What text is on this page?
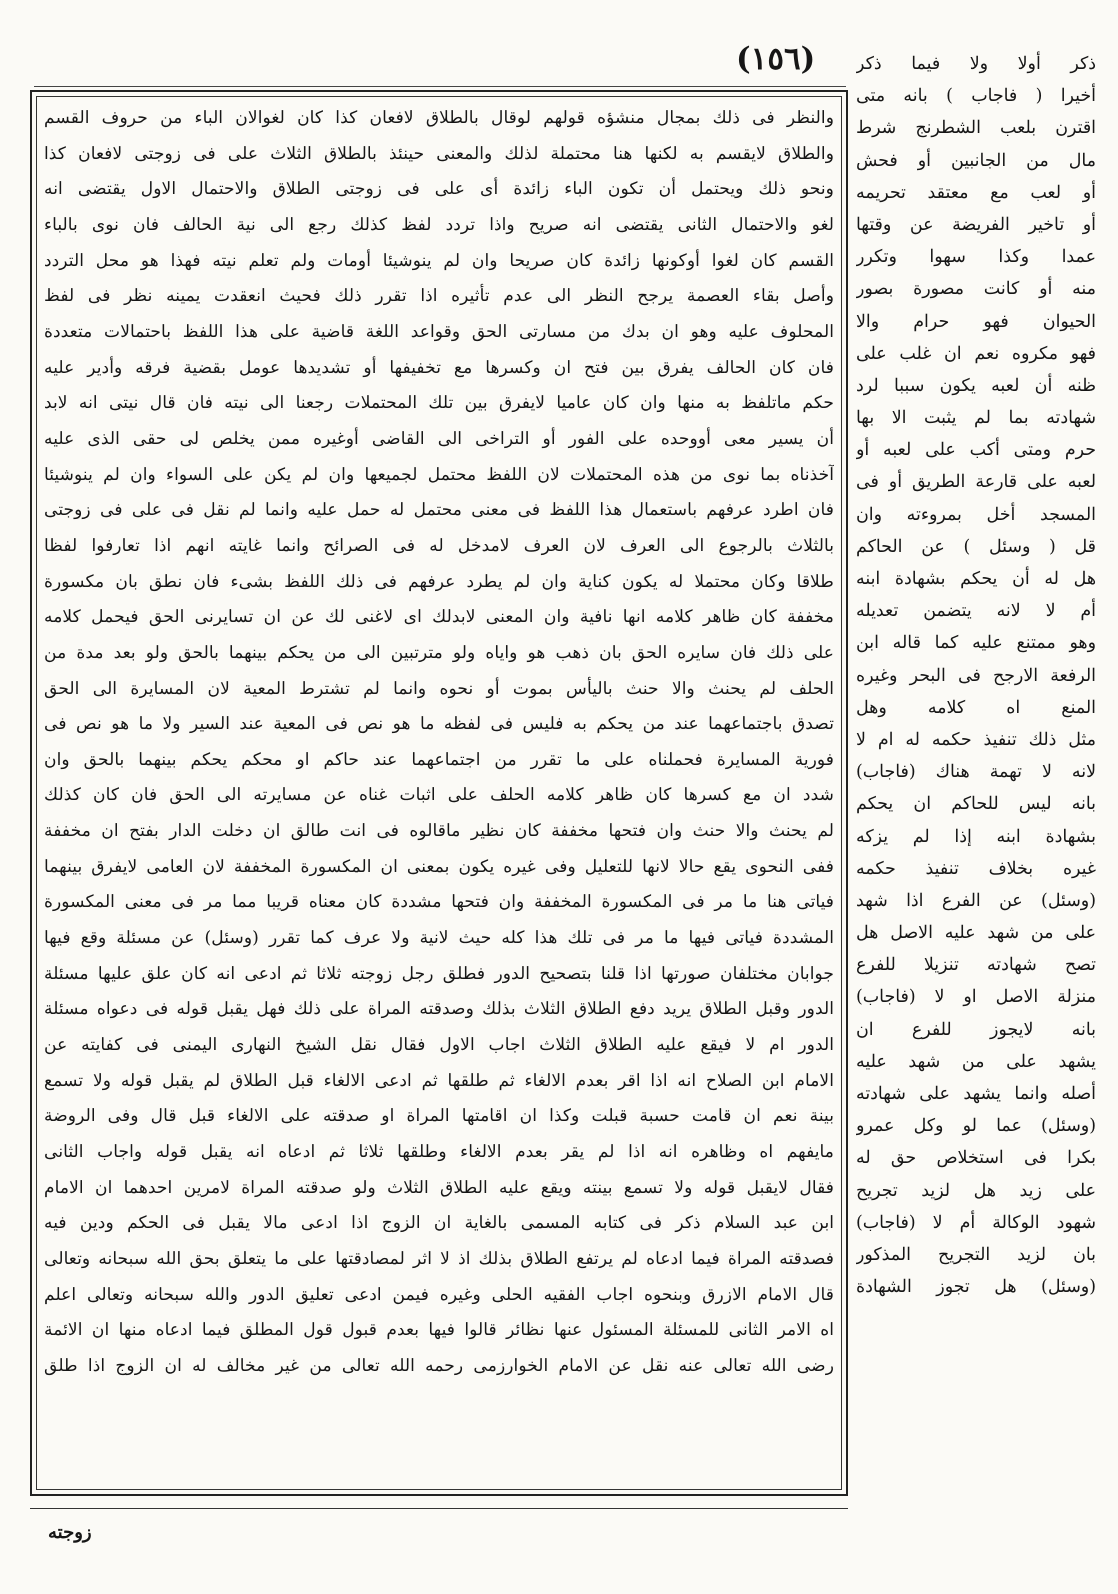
(١٥٦)

والنظر فى ذلك بمجال منشؤه قولهم لوقال بالطلاق لافعان كذا كان لغوالان الباء من حروف القسم

والطلاق لايقسم به لكنها هنا محتملة لذلك والمعنى حينئذ بالطلاق الثلاث على فى زوجتى لافعان كذا

ونحو ذلك ويحتمل أن تكون الباء زائدة أى على فى زوجتى الطلاق والاحتمال الاول يقتضى انه

لغو والاحتمال الثانى يقتضى انه صريح واذا تردد لفظ كذلك رجع الى نية الحالف فان نوى بالباء

القسم كان لغوا أوكونها زائدة كان صريحا وان لم ينوشيئا أومات ولم تعلم نيته فهذا هو محل التردد

وأصل بقاء العصمة يرجح النظر الى عدم تأثيره اذا تقرر ذلك فحيث انعقدت يمينه نظر فى لفظ

المحلوف عليه وهو ان بدك من مسارتى الحق وقواعد اللغة قاضية على هذا اللفظ باحتمالات متعددة

فان كان الحالف يفرق بين فتح ان وكسرها مع تخفيفها أو تشديدها عومل بقضية فرقه وأدير عليه

حكم ماتلفظ به منها وان كان عاميا لايفرق بين تلك المحتملات رجعنا الى نيته فان قال نيتى انه لابد

أن يسير معى أووحده على الفور أو التراخى الى القاضى أوغيره ممن يخلص لى حقى الذى عليه

آخذناه بما نوى من هذه المحتملات لان اللفظ محتمل لجميعها وان لم يكن على السواء وان لم ينوشيئا

فان اطرد عرفهم باستعمال هذا اللفظ فى معنى محتمل له حمل عليه وانما لم نقل فى على فى زوجتى

بالثلاث بالرجوع الى العرف لان العرف لامدخل له فى الصرائح وانما غايته انهم اذا تعارفوا لفظا

طلاقا وكان محتملا له يكون كناية وان لم يطرد عرفهم فى ذلك اللفظ بشىء فان نطق بان مكسورة

مخففة كان ظاهر كلامه انها نافية وان المعنى لابدلك اى لاغنى لك عن ان تسايرنى الحق فيحمل كلامه

على ذلك فان سايره الحق بان ذهب هو واياه ولو مترتبين الى من يحكم بينهما بالحق ولو بعد مدة من

الحلف لم يحنث والا حنث باليأس بموت أو نحوه وانما لم تشترط المعية لان المسايرة الى الحق

تصدق باجتماعهما عند من يحكم به فليس فى لفظه ما هو نص فى المعية عند السير ولا ما هو نص فى

فورية المسايرة فحملناه على ما تقرر من اجتماعهما عند حاكم او محكم يحكم بينهما بالحق وان

شدد ان مع كسرها كان ظاهر كلامه الحلف على اثبات غناه عن مسايرته الى الحق فان كان كذلك

لم يحنث والا حنث وان فتحها مخففة كان نظير ماقالوه فى انت طالق ان دخلت الدار بفتح ان مخففة

ففى النحوى يقع حالا لانها للتعليل وفى غيره يكون بمعنى ان المكسورة المخففة لان العامى لايفرق بينهما

فياتى هنا ما مر فى المكسورة المخففة وان فتحها مشددة كان معناه قريبا مما مر فى معنى المكسورة

المشددة فياتى فيها ما مر فى تلك هذا كله حيث لانية ولا عرف كما تقرر (وسئل) عن مسئلة وقع فيها

جوابان مختلفان صورتها اذا قلنا بتصحيح الدور فطلق رجل زوجته ثلاثا ثم ادعى انه كان علق عليها مسئلة

الدور وقبل الطلاق يريد دفع الطلاق الثلاث بذلك وصدقته المراة على ذلك فهل يقبل قوله فى دعواه مسئلة

الدور ام لا فيقع عليه الطلاق الثلاث اجاب الاول فقال نقل الشيخ النهارى اليمنى فى كفايته عن

الامام ابن الصلاح انه اذا اقر بعدم الالغاء ثم طلقها ثم ادعى الالغاء قبل الطلاق لم يقبل قوله ولا تسمع

بينة نعم ان قامت حسبة قبلت وكذا ان اقامتها المراة او صدقته على الالغاء قبل قال وفى الروضة

مايفهم اه وظاهره انه اذا لم يقر بعدم الالغاء وطلقها ثلاثا ثم ادعاه انه يقبل قوله واجاب الثانى

فقال لايقبل قوله ولا تسمع بينته ويقع عليه الطلاق الثلاث ولو صدقته المراة لامرين احدهما ان الامام

ابن عبد السلام ذكر فى كتابه المسمى بالغاية ان الزوج اذا ادعى مالا يقبل فى الحكم ودين فيه

فصدقته المراة فيما ادعاه لم يرتفع الطلاق بذلك اذ لا اثر لمصادقتها على ما يتعلق بحق الله سبحانه وتعالى

قال الامام الازرق وبنحوه اجاب الفقيه الحلى وغيره فيمن ادعى تعليق الدور والله سبحانه وتعالى اعلم

اه الامر الثانى للمسئلة المسئول عنها نظائر قالوا فيها بعدم قبول قول المطلق فيما ادعاه منها ان الائمة

رضى الله تعالى عنه نقل عن الامام الخوارزمى رحمه الله تعالى من غير مخالف له ان الزوج اذا طلق

ذكر أولا ولا فيما ذكر

أخيرا ( فاجاب ) بانه متى

اقترن بلعب الشطرنج شرط

مال من الجانبين أو فحش

أو لعب مع معتقد تحريمه

أو تاخير الفريضة عن وقتها

عمدا وكذا سهوا وتكرر

منه أو كانت مصورة بصور

الحيوان فهو حرام والا

فهو مكروه نعم ان غلب على

ظنه أن لعبه يكون سببا لرد

شهادته بما لم يثبت الا بها

حرم ومتى أكب على لعبه أو

لعبه على قارعة الطريق أو فى

المسجد أخل بمروءته وان

قل ( وسئل ) عن الحاكم

هل له أن يحكم بشهادة ابنه

أم لا لانه يتضمن تعديله

وهو ممتنع عليه كما قاله ابن

الرفعة الارجح فى البحر وغيره

المنع اه كلامه وهل

مثل ذلك تنفيذ حكمه له ام لا

لانه لا تهمة هناك (فاجاب)

بانه ليس للحاكم ان يحكم

بشهادة ابنه إذا لم يزكه

غيره بخلاف تنفيذ حكمه

(وسئل) عن الفرع اذا شهد

على من شهد عليه الاصل هل

تصح شهادته تنزيلا للفرع

منزلة الاصل او لا (فاجاب)

بانه لايجوز للفرع ان

يشهد على من شهد عليه

أصله وانما يشهد على شهادته

(وسئل) عما لو وكل عمرو

بكرا فى استخلاص حق له

على زيد هل لزيد تجريح

شهود الوكالة أم لا (فاجاب)

بان لزيد التجريح المذكور

(وسئل) هل تجوز الشهادة

زوجته
